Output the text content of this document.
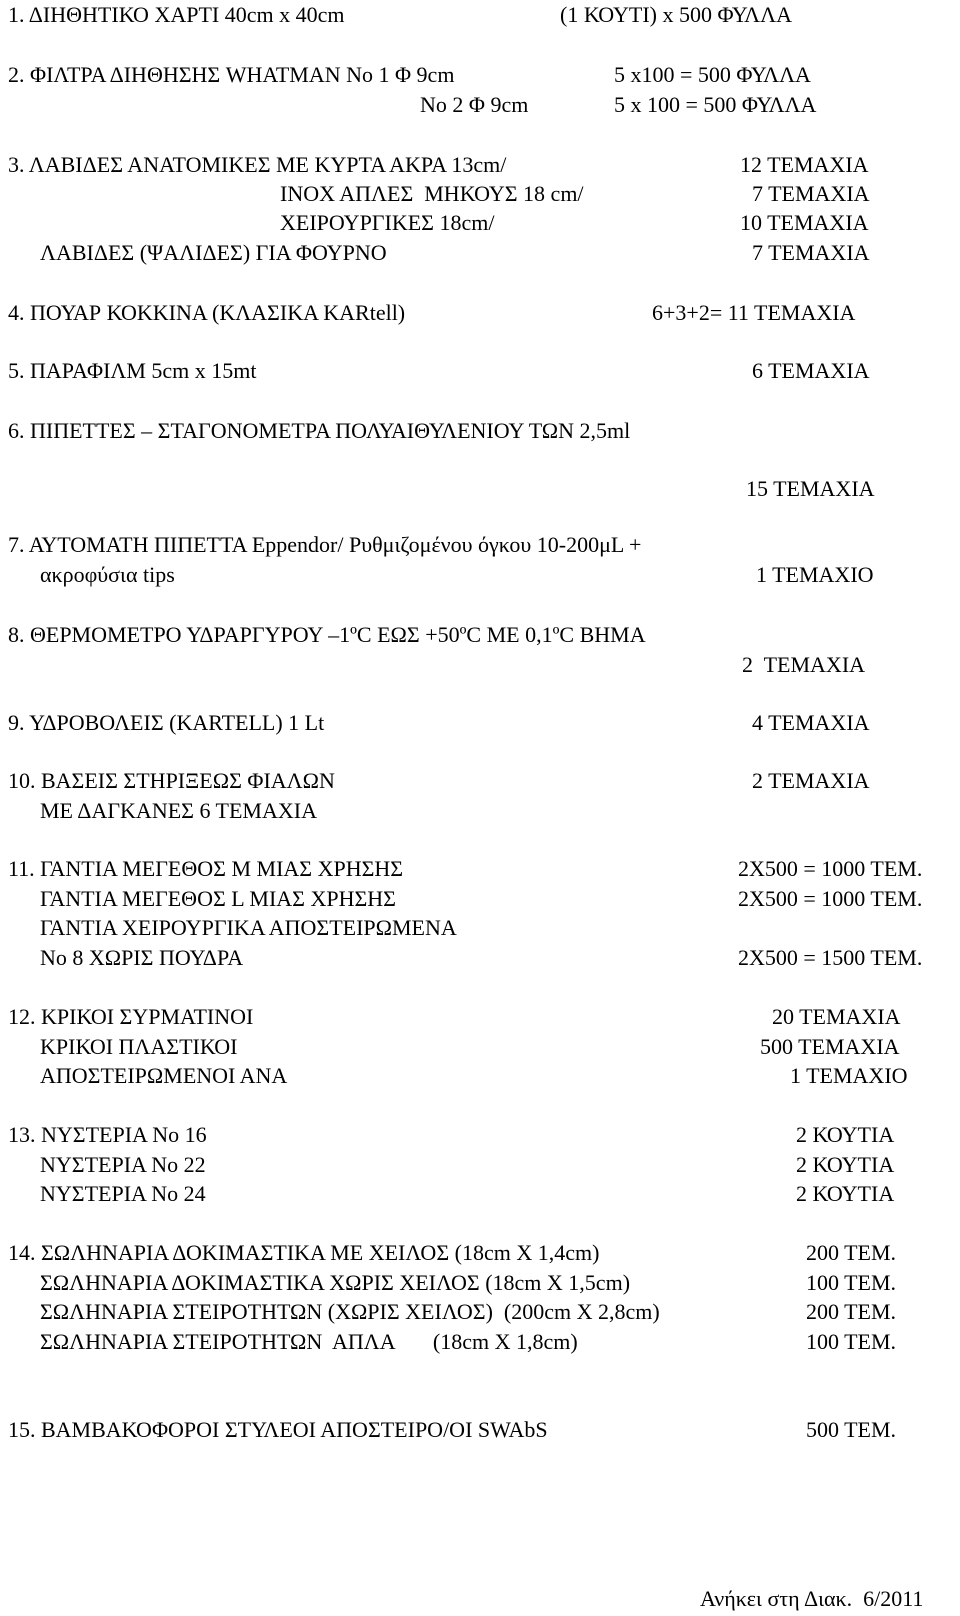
1. ΔΙΗΘΗΤΙΚΟ ΧΑΡΤΙ 40cm x 40cm
2. ΦΙΛΤΡΑ ΔΙΗΘΗΣΗΣ WHATMAN No 1 Φ 9cm
No 2 Φ 9cm
3. ΛΑΒΙΔΕΣ ΑΝΑΤΟΜΙΚΕΣ ΜΕ ΚΥΡΤΑ ΑΚΡΑ 13cm/
ΙΝΟΧ ΑΠΛΕΣ  ΜΗΚΟΥΣ 18 cm/
ΧΕΙΡΟΥΡΓΙΚΕΣ 18cm/
ΛΑΒΙΔΕΣ (ΨΑΛΙΔΕΣ) ΓΙΑ ΦΟΥΡΝΟ
4. ΠΟΥΑΡ ΚΟΚΚΙΝΑ (ΚΛΑΣΙΚΑ KARtell)
5. ΠΑΡΑΦΙΛΜ 5cm x 15mt
6. ΠΙΠΕΤΤΕΣ – ΣΤΑΓΟΝΟΜΕΤΡΑ ΠΟΛΥΑΙΘΥΛΕΝΙΟΥ ΤΩΝ 2,5ml
7. ΑΥΤΟΜΑΤΗ ΠΙΠΕΤΤΑ Eppendor/ Ρυθμιζομένου όγκου 10-200μL +
ακροφύσια tips
8. ΘΕΡΜΟΜΕΤΡΟ ΥΔΡΑΡΓΥΡΟΥ –1ºC ΕΩΣ +50ºC ΜΕ 0,1ºC ΒΗΜΑ
9. ΥΔΡΟΒΟΛΕΙΣ (KARTELL) 1 Lt
10. ΒΑΣΕΙΣ ΣΤΗΡΙΞΕΩΣ ΦΙΑΛΩΝ
ΜΕ ΔΑΓΚΑΝΕΣ 6 ΤΕΜΑΧΙΑ
11. ΓΑΝΤΙΑ ΜΕΓΕΘΟΣ Μ ΜΙΑΣ ΧΡΗΣΗΣ
ΓΑΝΤΙΑ ΜΕΓΕΘΟΣ L ΜΙΑΣ ΧΡΗΣΗΣ
ΓΑΝΤΙΑ ΧΕΙΡΟΥΡΓΙΚΑ ΑΠΟΣΤΕΙΡΩΜΕΝΑ
No 8 ΧΩΡΙΣ ΠΟΥΔΡΑ
12. ΚΡΙΚΟΙ ΣΥΡΜΑΤΙΝΟΙ
ΚΡΙΚΟΙ ΠΛΑΣΤΙΚΟΙ
ΑΠΟΣΤΕΙΡΩΜΕΝΟΙ ΑΝΑ
13. ΝΥΣΤΕΡΙΑ No 16
ΝΥΣΤΕΡΙΑ No 22
ΝΥΣΤΕΡΙΑ No 24
14. ΣΩΛΗΝΑΡΙΑ ΔΟΚΙΜΑΣΤΙΚΑ ΜΕ ΧΕΙΛΟΣ (18cm Χ 1,4cm)
ΣΩΛΗΝΑΡΙΑ ΔΟΚΙΜΑΣΤΙΚΑ ΧΩΡΙΣ ΧΕΙΛΟΣ (18cm Χ 1,5cm)
ΣΩΛΗΝΑΡΙΑ ΣΤΕΙΡΟΤΗΤΩΝ (ΧΩΡΙΣ ΧΕΙΛΟΣ)  (200cm Χ 2,8cm)
ΣΩΛΗΝΑΡΙΑ ΣΤΕΙΡΟΤΗΤΩΝ  ΑΠΛΑ       (18cm Χ 1,8cm)
15. ΒΑΜΒΑΚΟΦΟΡΟΙ ΣΤΥΛΕΟΙ ΑΠΟΣΤΕΙΡΟ/ΟΙ SWAbS
(1 ΚΟΥΤΙ) x 500 ΦΥΛΛΑ
5 x100 = 500 ΦΥΛΛΑ
5 x 100 = 500 ΦΥΛΛΑ
12 ΤΕΜΑΧΙΑ
7 ΤΕΜΑΧΙΑ
10 ΤΕΜΑΧΙΑ
7 ΤΕΜΑΧΙΑ
6+3+2= 11 ΤΕΜΑΧΙΑ
6 ΤΕΜΑΧΙΑ
15 ΤΕΜΑΧΙΑ
1 ΤΕΜΑΧΙΟ
2  ΤΕΜΑΧΙΑ
4 ΤΕΜΑΧΙΑ
2 ΤΕΜΑΧΙΑ
2Χ500 = 1000 ΤΕΜ.
2Χ500 = 1000 ΤΕΜ.
2Χ500 = 1500 ΤΕΜ.
20 ΤΕΜΑΧΙΑ
500 ΤΕΜΑΧΙΑ
1 ΤΕΜΑΧΙΟ
2 ΚΟΥΤΙΑ
2 ΚΟΥΤΙΑ
2 ΚΟΥΤΙΑ
200 ΤΕΜ.
100 ΤΕΜ.
200 ΤΕΜ.
100 ΤΕΜ.
500 ΤΕΜ.
Ανήκει στη Διακ.  6/2011
